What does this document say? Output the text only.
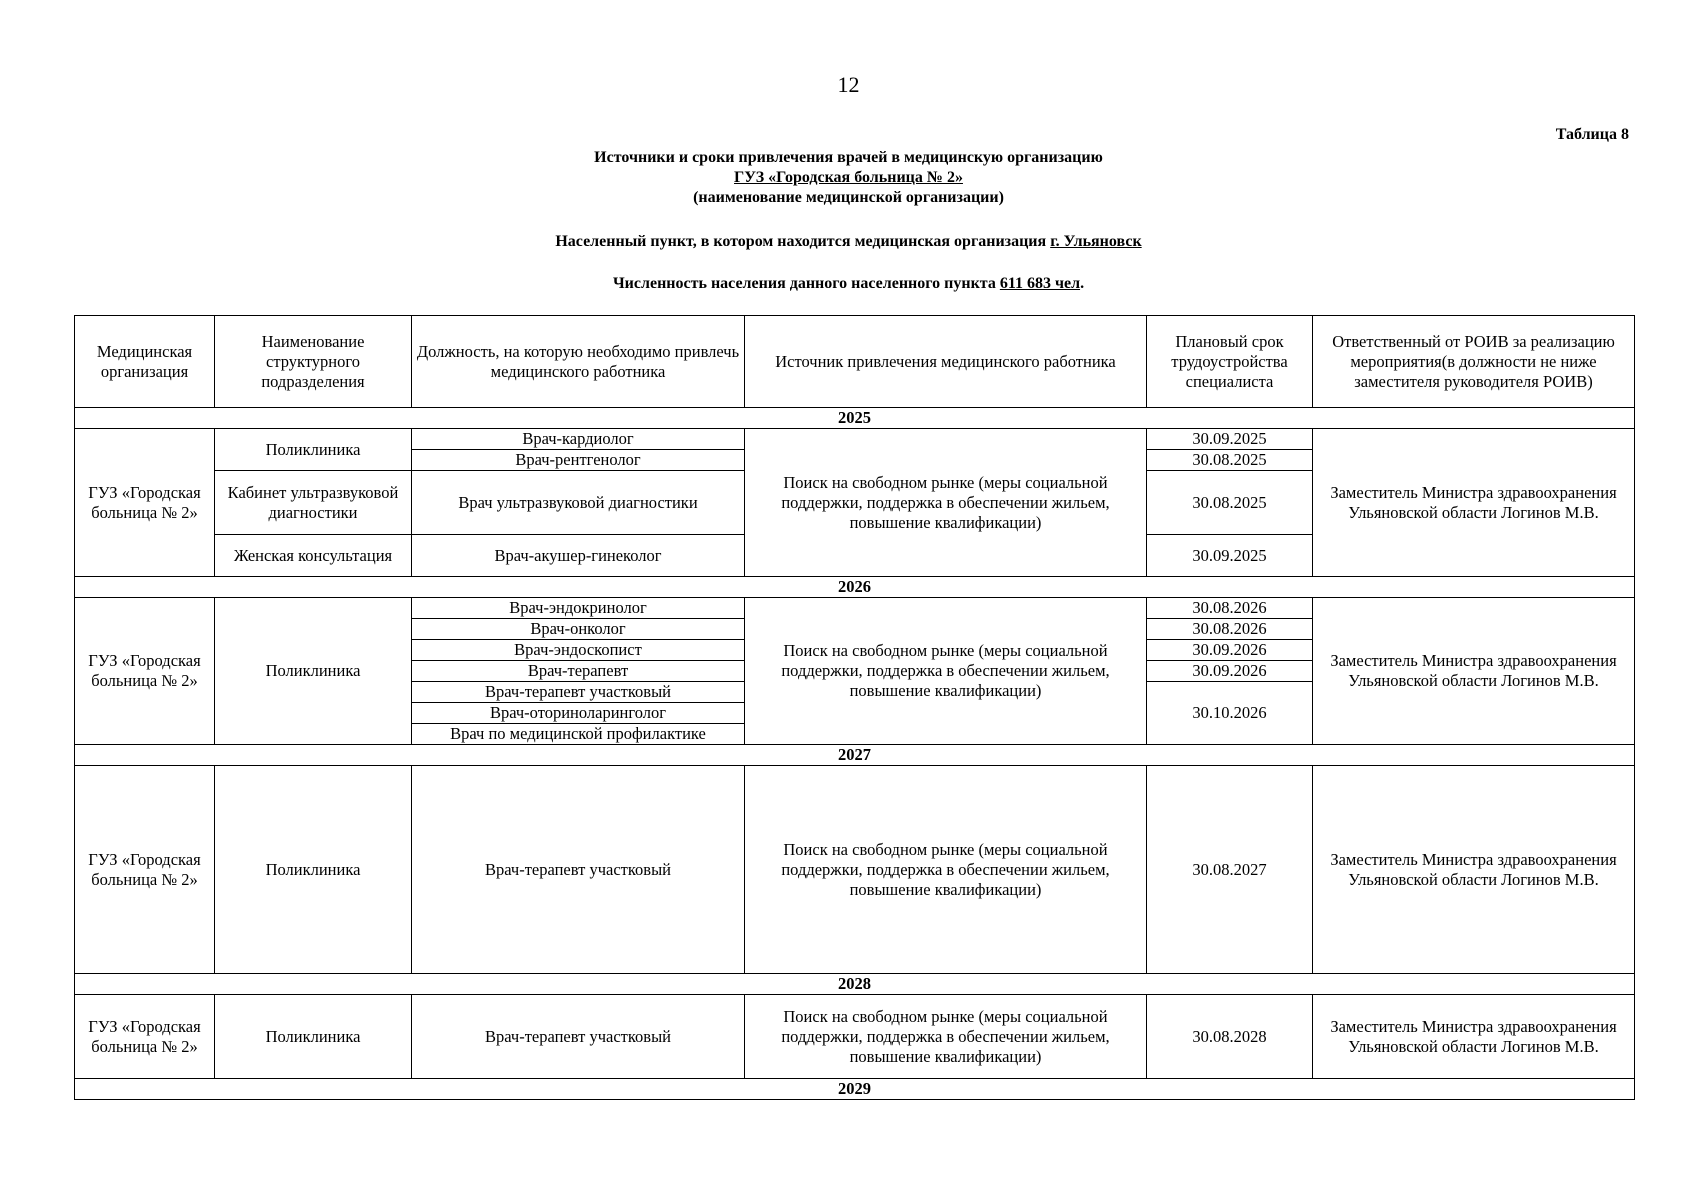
12
Таблица 8
Источники и сроки привлечения врачей в медицинскую организацию
ГУЗ «Городская больница № 2»
(наименование медицинской организации)
Населенный пункт, в котором находится медицинская организация г. Ульяновск
Численность населения данного населенного пункта 611 683 чел.
Медицинская организация	Наименование структурного подразделения	Должность, на которую необходимо привлечь медицинского работника	Источник привлечения медицинского работника	Плановый срок трудоустройства специалиста	Ответственный от РОИВ за реализацию мероприятия(в должности не ниже заместителя руководителя РОИВ)
2025					
ГУЗ «Городская больница № 2»	Поликлиника	Врач-кардиолог	Поиск на свободном рынке (меры социальной поддержки, поддержка в обеспечении жильем, повышение квалификации)	30.09.2025	Заместитель Министра здравоохранения Ульяновской области Логинов М.В.
		Врач-рентгенолог		30.08.2025	
	Кабинет ультразвуковой диагностики	Врач ультразвуковой диагностики		30.08.2025	
	Женская консультация	Врач-акушер-гинеколог		30.09.2025	
2026					
ГУЗ «Городская больница № 2»	Поликлиника	Врач-эндокринолог	Поиск на свободном рынке (меры социальной поддержки, поддержка в обеспечении жильем, повышение квалификации)	30.08.2026	Заместитель Министра здравоохранения Ульяновской области Логинов М.В.
		Врач-онколог		30.08.2026	
		Врач-эндоскопист		30.09.2026	
		Врач-терапевт		30.09.2026	
		Врач-терапевт участковый		30.10.2026	
		Врач-оториноларинголог			
		Врач по медицинской профилактике			
2027					
ГУЗ «Городская больница № 2»	Поликлиника	Врач-терапевт участковый	Поиск на свободном рынке (меры социальной поддержки, поддержка в обеспечении жильем, повышение квалификации)	30.08.2027	Заместитель Министра здравоохранения Ульяновской области Логинов М.В.
2028					
ГУЗ «Городская больница № 2»	Поликлиника	Врач-терапевт участковый	Поиск на свободном рынке (меры социальной поддержки, поддержка в обеспечении жильем, повышение квалификации)	30.08.2028	Заместитель Министра здравоохранения Ульяновской области Логинов М.В.
2029					
